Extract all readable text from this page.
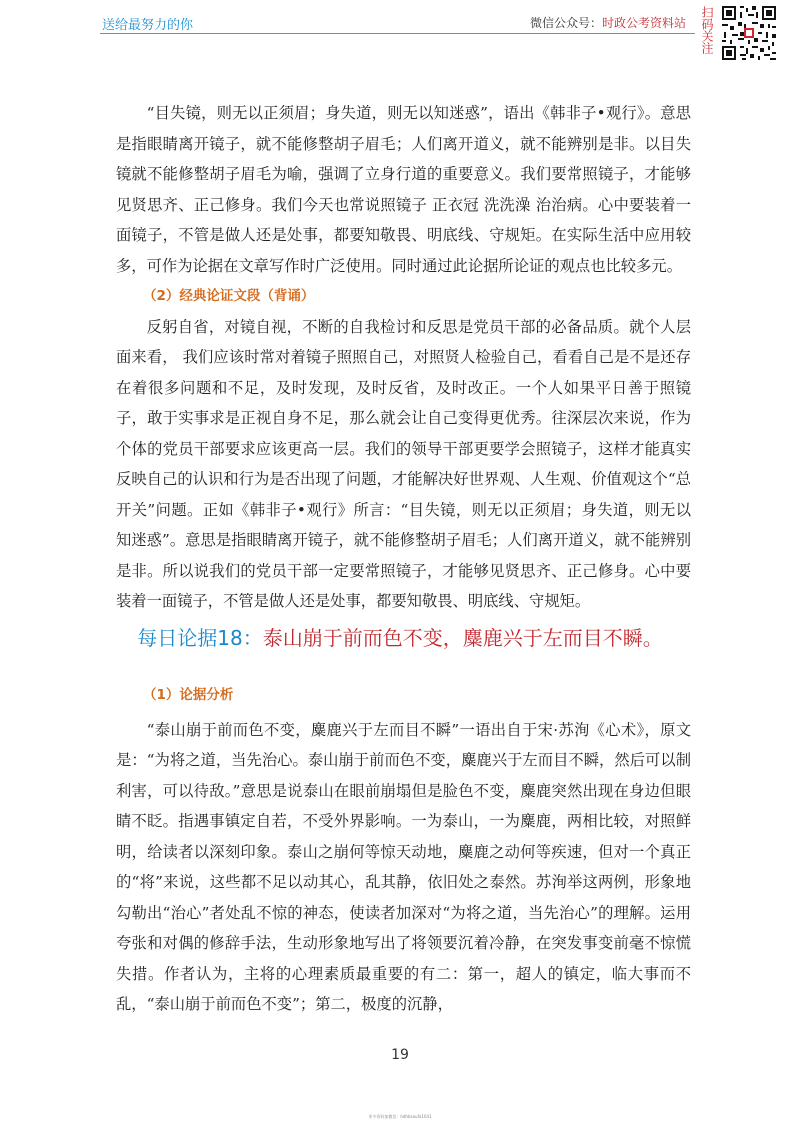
送给最努力的你	微信公众号：时政公考资料站 扫码关注

“目失镜，则无以正须眉；身失道，则无以知迷惑”，语出《韩非子•观行》。意思是指眼睛离开镜子，就不能修整胡子眉毛；人们离开道义，就不能辨别是非。以目失镜就不能修整胡子眉毛为喻，强调了立身行道的重要意义。我们要常照镜子，才能够见贤思齐、正己修身。我们今天也常说照镜子 正衣冠 洗洗澡 治治病。心中要装着一面镜子，不管是做人还是处事，都要知敬畏、明底线、守规矩。在实际生活中应用较多，可作为论据在文章写作时广泛使用。同时通过此论据所论证的观点也比较多元。

（2）经典论证文段（背诵）

反躬自省，对镜自视，不断的自我检讨和反思是党员干部的必备品质。就个人层面来看， 我们应该时常对着镜子照照自己，对照贤人检验自己，看看自己是不是还存在着很多问题和不足，及时发现，及时反省，及时改正。一个人如果平日善于照镜子，敢于实事求是正视自身不足，那么就会让自己变得更优秀。往深层次来说，作为个体的党员干部要求应该更高一层。我们的领导干部更要学会照镜子，这样才能真实反映自己的认识和行为是否出现了问题，才能解决好世界观、人生观、价值观这个“总开关”问题。正如《韩非子•观行》所言：“目失镜，则无以正须眉；身失道，则无以知迷惑”。意思是指眼睛离开镜子，就不能修整胡子眉毛；人们离开道义，就不能辨别是非。所以说我们的党员干部一定要常照镜子，才能够见贤思齐、正己修身。心中要装着一面镜子，不管是做人还是处事，都要知敬畏、明底线、守规矩。

每日论据18：泰山崩于前而色不变，麋鹿兴于左而目不瞬。

（1）论据分析

“泰山崩于前而色不变，麋鹿兴于左而目不瞬”一语出自于宋·苏洵《心术》，原文是：“为将之道，当先治心。泰山崩于前而色不变，麋鹿兴于左而目不瞬，然后可以制利害，可以待敌。”意思是说泰山在眼前崩塌但是脸色不变，麋鹿突然出现在身边但眼睛不眨。指遇事镇定自若，不受外界影响。一为泰山，一为麋鹿，两相比较，对照鲜明，给读者以深刻印象。泰山之崩何等惊天动地，麋鹿之动何等疾速，但对一个真正的“将”来说，这些都不足以动其心，乱其静，依旧处之泰然。苏洵举这两例，形象地勾勒出“治心”者处乱不惊的神态，使读者加深对“为将之道，当先治心”的理解。运用夸张和对偶的修辞手法，生动形象地写出了将领要沉着冷静，在突发事变前毫不惊慌失措。作者认为，主将的心理素质最重要的有二：第一，超人的镇定，临大事而不乱，“泰山崩于前而色不变”；第二，极度的沉静，

19
更多资料加微信：hdhbsoufa1641
